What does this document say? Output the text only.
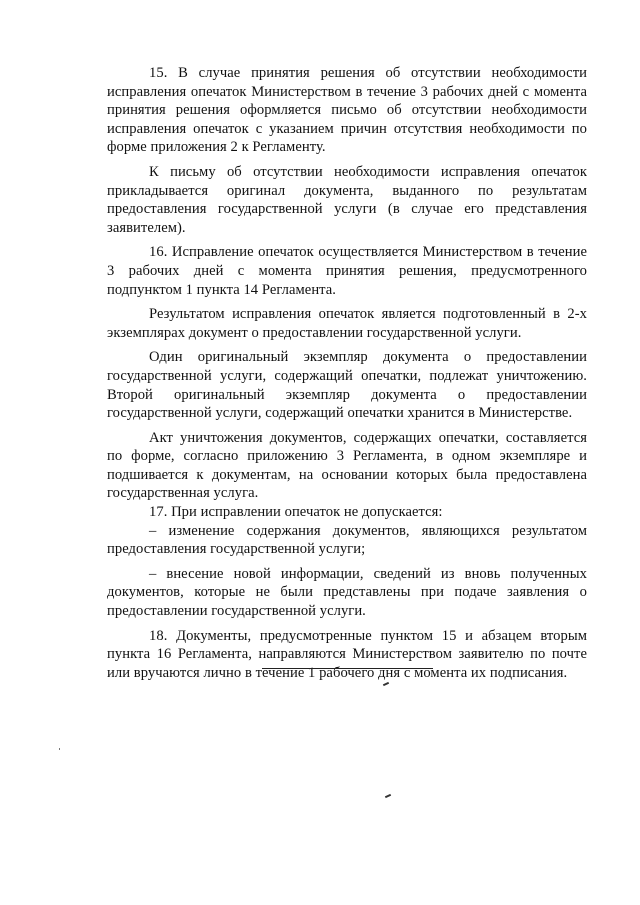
15. В случае принятия решения об отсутствии необходимости исправления опечаток Министерством в течение 3 рабочих дней с момента принятия решения оформляется письмо об отсутствии необходимости исправления опечаток с указанием причин отсутствия необходимости по форме приложения 2 к Регламенту.

К письму об отсутствии необходимости исправления опечаток прикладывается оригинал документа, выданного по результатам предоставления государственной услуги (в случае его представления заявителем).

16. Исправление опечаток осуществляется Министерством в течение 3 рабочих дней с момента принятия решения, предусмотренного подпунктом 1 пункта 14 Регламента.

Результатом исправления опечаток является подготовленный в 2-х экземплярах документ о предоставлении государственной услуги.

Один оригинальный экземпляр документа о предоставлении государственной услуги, содержащий опечатки, подлежат уничтожению. Второй оригинальный экземпляр документа о предоставлении государственной услуги, содержащий опечатки хранится в Министерстве.

Акт уничтожения документов, содержащих опечатки, составляется по форме, согласно приложению 3 Регламента, в одном экземпляре и подшивается к документам, на основании которых была предоставлена государственная услуга.

17. При исправлении опечаток не допускается:

– изменение содержания документов, являющихся результатом предоставления государственной услуги;

– внесение новой информации, сведений из вновь полученных документов, которые не были представлены при подаче заявления о предоставлении государственной услуги.

18. Документы, предусмотренные пунктом 15 и абзацем вторым пункта 16 Регламента, направляются Министерством заявителю по почте или вручаются лично в течение 1 рабочего дня с момента их подписания.
